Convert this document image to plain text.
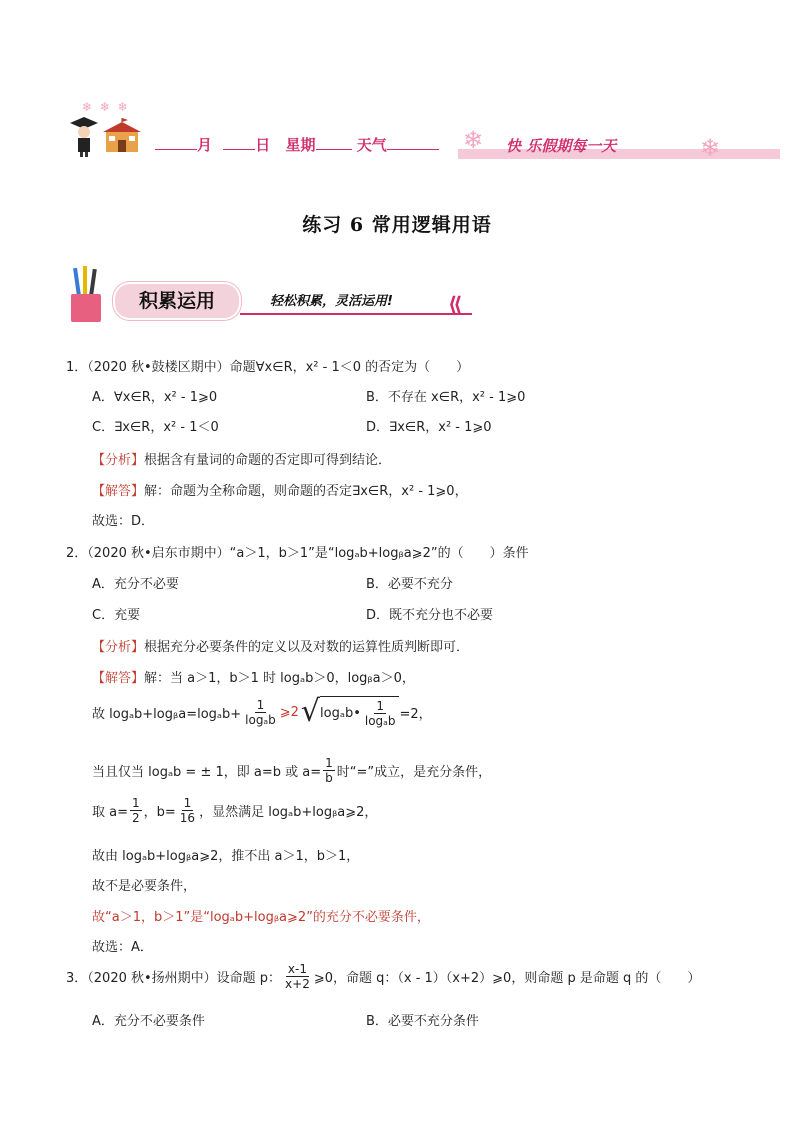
❄ ❄ ❄
月	日 星期	天气	❄ 快 乐假期每一天	❄
练习 6 常用逻辑用语
积累运用	轻松积累，灵活运用!	⟪
1．（2020 秋•鼓楼区期中）命题∀x∈R，x² - 1＜0 的否定为（　　）
A．∀x∈R，x² - 1⩾0	B．不存在 x∈R，x² - 1⩾0
C．∃x∈R，x² - 1＜0	D．∃x∈R，x² - 1⩾0
【分析】根据含有量词的命题的否定即可得到结论．
【解答】解：命题为全称命题，则命题的否定∃x∈R，x² - 1⩾0，
故选：D．
2．（2020 秋•启东市期中）“a＞1，b＞1”是“logₐb+logᵦa⩾2”的（　　）条件
A．充分不必要	B．必要不充分
C．充要	D．既不充分也不必要
【分析】根据充分必要条件的定义以及对数的运算性质判断即可．
【解答】解：当 a＞1，b＞1 时 logₐb＞0，logᵦa＞0，
故 logₐb+logᵦa=logₐb+ $\frac{1}{\text{logₐb}}$ ⩾2 √ logₐb• $\frac{1}{\text{logₐb}} =2$，
当且仅当 logₐb = ± 1，即 a=b 或 $a= \frac{1}{b}$ 时“=”成立，是充分条件，
取 $a= \frac{1}{2}$ ，$b= \frac{1}{16}$ ，显然满足 logₐb+logᵦa⩾2，
故由 logₐb+logᵦa⩾2，推不出 a＞1，b＞1，
故不是必要条件，
故“a＞1，b＞1”是“logₐb+logᵦa⩾2”的充分不必要条件，
故选：A．
3．（2020 秋•扬州期中）设命题 p： $\frac{x-1}{x+2}$ ⩾0，命题 q：（x - 1）（x+2）⩾0，则命题 p 是命题 q 的（　　）
A．充分不必要条件	B．必要不充分条件
